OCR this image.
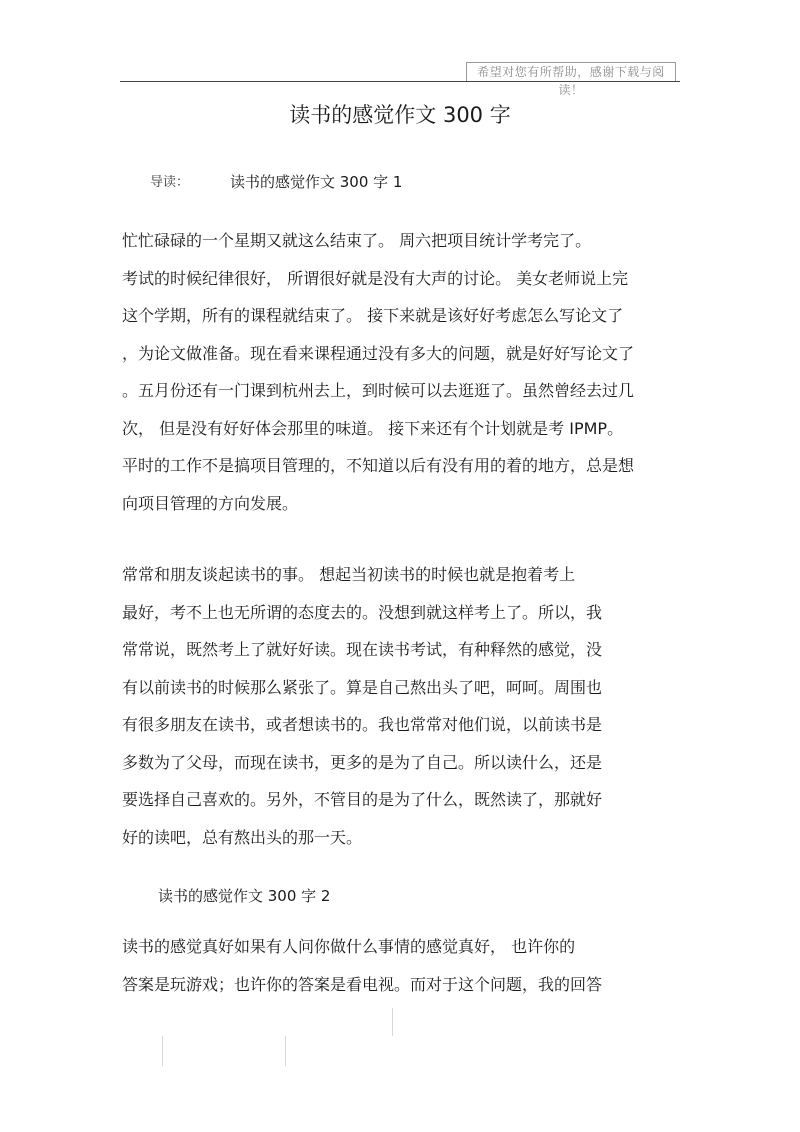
希望对您有所帮助，感谢下载与阅读！
读书的感觉作文 300 字
导读：	读书的感觉作文 300 字 1
忙忙碌碌的一个星期又就这么结束了。 周六把项目统计学考完了。
考试的时候纪律很好， 所谓很好就是没有大声的讨论。 美女老师说上完
这个学期，所有的课程就结束了。 接下来就是该好好考虑怎么写论文了
，为论文做准备。现在看来课程通过没有多大的问题，就是好好写论文了
。五月份还有一门课到杭州去上，到时候可以去逛逛了。虽然曾经去过几
次， 但是没有好好体会那里的味道。 接下来还有个计划就是考 IPMP。
平时的工作不是搞项目管理的，不知道以后有没有用的着的地方，总是想
向项目管理的方向发展。
常常和朋友谈起读书的事。 想起当初读书的时候也就是抱着考上
最好，考不上也无所谓的态度去的。没想到就这样考上了。所以，我
常常说，既然考上了就好好读。现在读书考试，有种释然的感觉，没
有以前读书的时候那么紧张了。算是自己熬出头了吧，呵呵。周围也
有很多朋友在读书，或者想读书的。我也常常对他们说，以前读书是
多数为了父母，而现在读书，更多的是为了自己。所以读什么，还是
要选择自己喜欢的。另外，不管目的是为了什么，既然读了，那就好
好的读吧，总有熬出头的那一天。
读书的感觉作文 300 字 2
读书的感觉真好如果有人问你做什么事情的感觉真好， 也许你的
答案是玩游戏；也许你的答案是看电视。而对于这个问题，我的回答
